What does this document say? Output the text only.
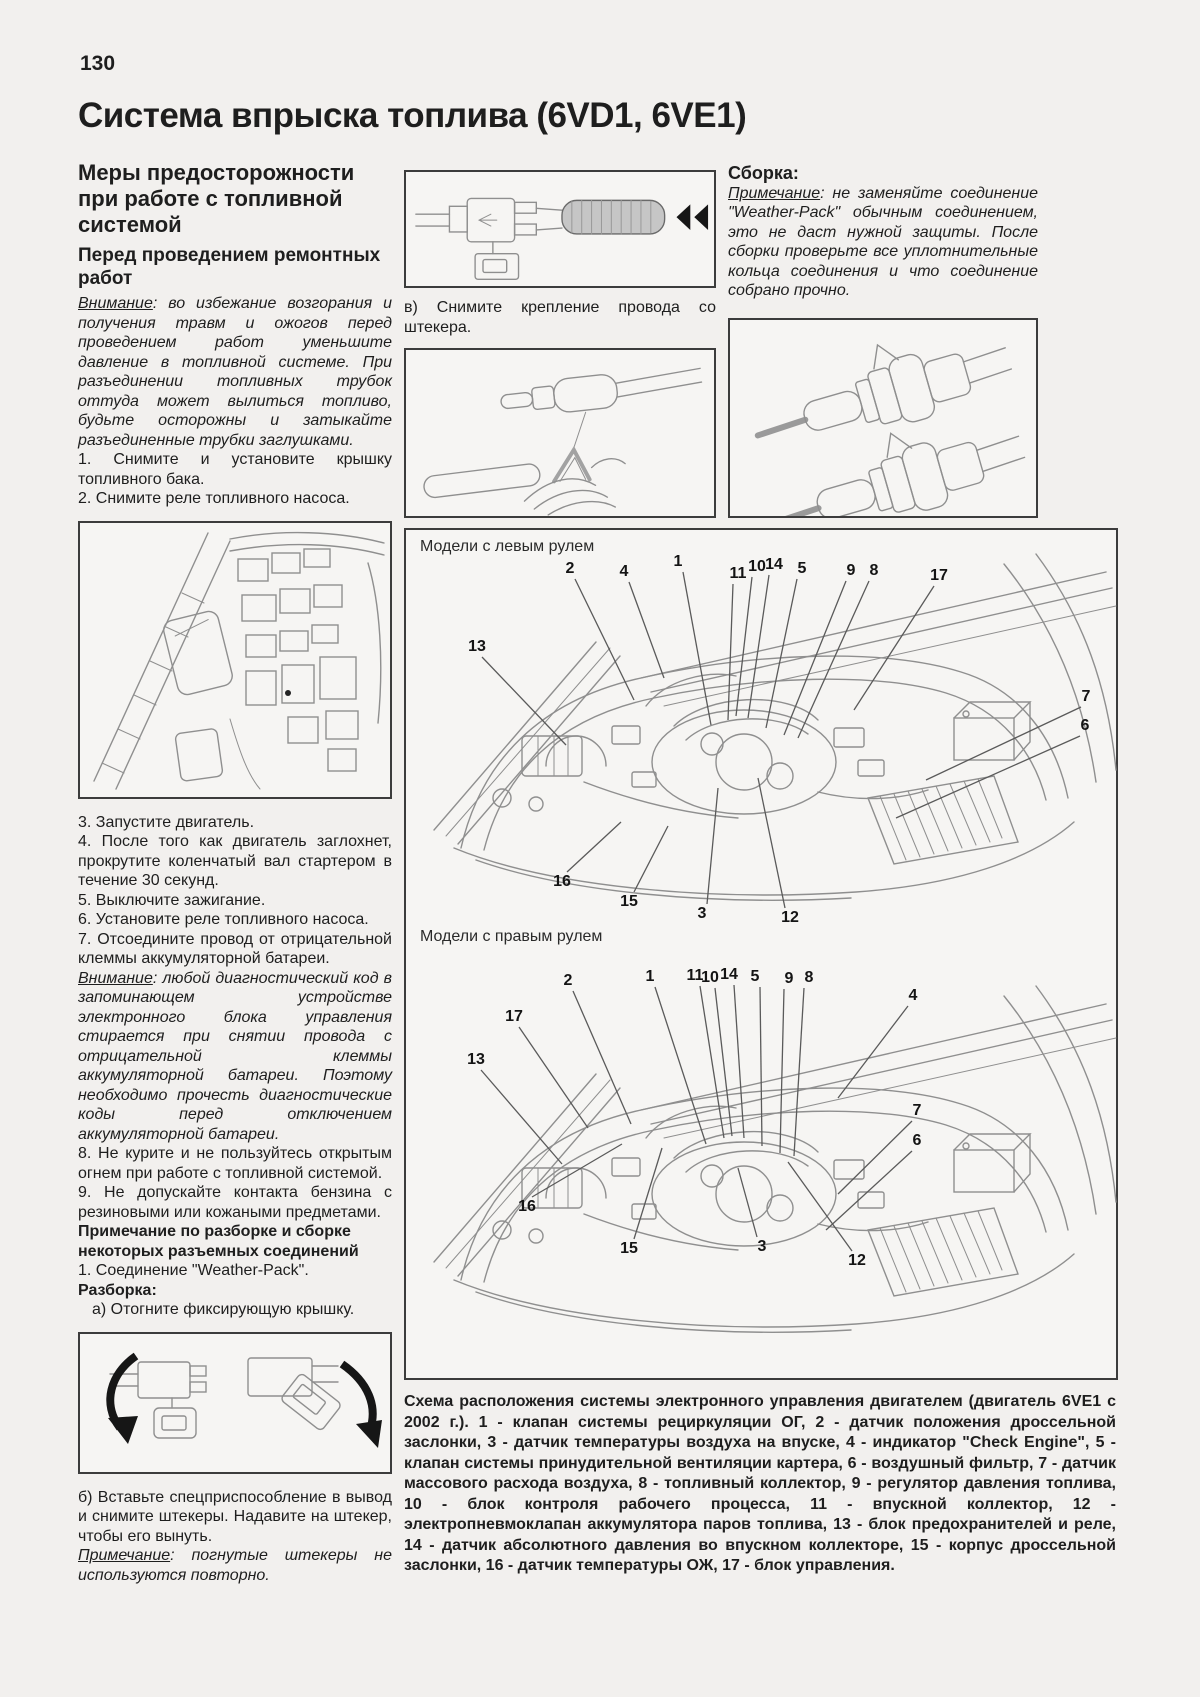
130
Система впрыска топлива (6VD1, 6VE1)
Меры предосторожности при работе с топливной системой
Перед проведением ремонтных работ

Внимание: во избежание возгорания и получения травм и ожогов перед проведением работ уменьшите давление в топливной системе. При разъединении топливных трубок оттуда может вылиться топливо, будьте осторожны и затыкайте разъединенные трубки заглушками.

1. Снимите и установите крышку топливного бака.

2. Снимите реле топливного насоса.

3. Запустите двигатель.

4. После того как двигатель заглохнет, прокрутите коленчатый вал стартером в течение 30 секунд.

5. Выключите зажигание.

6. Установите реле топливного насоса.

7. Отсоедините провод от отрицательной клеммы аккумуляторной батареи.

Внимание: любой диагностический код в запоминающем устройстве электронного блока управления стирается при снятии провода с отрицательной клеммы аккумуляторной батареи. Поэтому необходимо прочесть диагностические коды перед отключением аккумуляторной батареи.

8. Не курите и не пользуйтесь открытым огнем при работе с топливной системой.

9. Не допускайте контакта бензина с резиновыми или кожаными предметами.

Примечание по разборке и сборке некоторых разъемных соединений

1. Соединение "Weather-Pack".

Разборка:

а) Отогните фиксирующую крышку.

б) Вставьте спецприспособление в вывод и снимите штекеры. Надавите на штекер, чтобы его вынуть.

Примечание: погнутые штекеры не используются повторно.

в) Снимите крепление провода со штекера.

Сборка:

Примечание: не заменяйте соединение "Weather-Pack" обычным соединением, это не даст нужной защиты. После сборки проверьте все уплотнительные кольца соединения и что соединение собрано прочно.

Модели с левым рулем
2	4
1
11 10 14 5	9 8	17
13
7
6
16
15
3	12
Модели с правым рулем
2	1 11
10 14 5 9 8
4
17
13
7
6
16
15	3
12

Схема расположения системы электронного управления двигателем (двигатель 6VE1 с 2002 г.). 1 - клапан системы рециркуляции ОГ, 2 - датчик положения дроссельной заслонки, 3 - датчик температуры воздуха на впуске, 4 - индикатор "Check Engine", 5 - клапан системы принудительной вентиляции картера, 6 - воздушный фильтр, 7 - датчик массового расхода воздуха, 8 - топливный коллектор, 9 - регулятор давления топлива, 10 - блок контроля рабочего процесса, 11 - впускной коллектор, 12 - электропневмоклапан аккумулятора паров топлива, 13 - блок предохранителей и реле, 14 - датчик абсолютного давления во впускном коллекторе, 15 - корпус дроссельной заслонки, 16 - датчик температуры ОЖ, 17 - блок управления.
